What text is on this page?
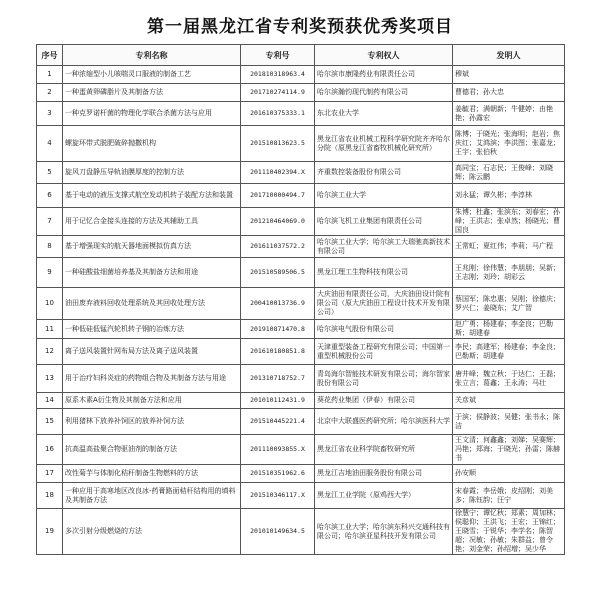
第一届黑龙江省专利奖预获优秀奖项目
序号	专利名称	专利号	专利权人	发明人
1	一种浓缩型小儿咳喘灵口服液的制备工艺	201810318963.4	哈尔滨市康隆药业有限责任公司	穆斌
2	一种蛋黄卵磷脂片及其制备方法	201710274114.9	哈尔滨瀚钧现代制药有限公司	曹德君；孙大忠
3	一种克罗诺杆菌的物理化学联合杀菌方法与应用	201610375333.1	东北农业大学	姜毓君；满朝新；牛健婷；由艳艳；孙露宏
4	螺旋环带式脱肥破碎抛撒机构	201510813623.5	黑龙江省农业机械工程科学研究院齐齐哈尔分院（原黑龙江省畜牧机械化研究所）	陈博；于晓光；张海明；赵岩；焦庆红；艾鸿滨；李洪图；张嘉龙；王宇；张伯秋
5	旋风刀盘静压导轨油膜厚度的控制方法	201110402394.X	齐重数控装备股份有限公司	高同宝；石志民；王俊峰；刘晓辉；陈云鹏
6	基于电动的液压支撑式航空发动机转子装配方法和装置	201710000494.7	哈尔滨工业大学	刘永猛；谭久彬；李淳林
7	用于记忆合金接头连接的方法及其辅助工具	201210464069.0	哈尔滨飞机工业集团有限责任公司	朱博；杜鑫；张滨东；刘春宏；孙峰；王洪志；张卓然；杨晓光；曹国良
8	基于增强现实的航天器地面模拟仿真方法	201611037572.2	哈尔滨工业大学；哈尔滨工大瑞驰高新技术有限公司	王常虹；夏红伟；李莉；马广程
9	一种硅酸盐细菌培养基及其制备方法和用途	201510589506.5	黑龙江理工生物科技有限公司	王兆刚；徐伟慧；李朋朋；吴新；王志刚；刘玲；胡彩云
10	油田废弃液料回收处理系统及其回收处理方法	200410013736.9	大庆油田有限责任公司，大庆油田设计院有限公司（原大庆油田工程设计技术开发有限公司）	蔡国军；陈忠惠；吴刚；徐德庆；罗兴仁；姜晓东；艾广智
11	一种低硅低锰汽轮机转子钢的冶炼方法	201910871470.8	哈尔滨电气股份有限公司	赵广勇；杨建春；李金良；巴勒斯；胡建春
12	离子送风装置针网布局方法及离子送风装置	201610180851.8	天津重型装备工程研究有限公司；中国第一重型机械股份公司	李民；高建军；杨建春；李金良；巴勒斯；胡建春
13	用于治疗妇科炎症的药物组合物及其制备方法与用途	201310718752.7	青岛海尔智能技术研发有限公司；海尔智家股份有限公司	唐井峰；魏立秋；于达仁；王磊；张立言；葛鑫；王永涛；马壮
14	原系木素A衍生物及其制备方法和应用	201010112431.9	葵花药业集团（伊春）有限公司	关彦斌
15	利用猪林下放养补饲区的放养补饲方法	201510445221.4	北京中大联盛医药研究所；哈尔滨医科大学	于滨；侯静波；吴健；张书永；陈洁
16	抗高温高盐聚合物驱油剂的制备方法	201110093855.X	黑龙江省农业科学院畜牧研究所	王文清；何鑫鑫；刘娣；吴赛辉；冯艳；郑海；于晓光；孙雷；陈赫书
17	改性菊芋与体制化秸秆制备生物燃料的方法	201510351962.6	黑龙江吉地油田服务股份有限公司	孙安顺
18	一种应用于高寒地区改良冰-药膏路面秸秆结构用的填料及其制备方法	201510346117.X	黑龙江工业学院（原鸡西大学）	宋春霞；李岳娥；皮绍刚；刘美多；陈钰韵；汪宁
19	多次引射分级燃烧的方法	201010149634.5	哈尔滨工业大学；哈尔滨东科兴交通科技有限公司；哈尔滨亚星科技开发有限公司	徐慧宁；谭忆秋；郑素；周加林；侯聪仰；王洪飞；王宏；王锦红；王晓雪；于锐华；李学名；陈智超；况敏；孙敏；朱群益；曾令艳；刘金荣；孙绍增；吴少华
